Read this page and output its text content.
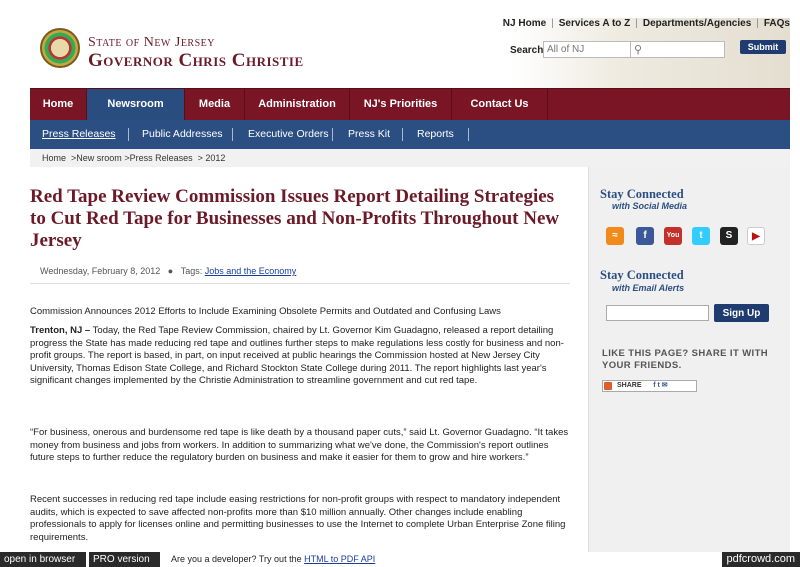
State of New Jersey
Governor Chris Christie
NJ Home | Services A to Z | Departments/Agencies | FAQs
Search
All of NJ	⚲	Submit
Home	Newsroom	Media	Administration	NJ's Priorities	Contact Us
Press Releases	Public Addresses Executive Orders Press Kit	Reports
Home >New sroom >Press Releases > 2012
Red Tape Review Commission Issues Report Detailing Strategies to Cut Red Tape for Businesses and Non-Profits Throughout New Jersey
Wednesday, February 8, 2012 ● Tags: Jobs and the Economy
Commission Announces 2012 Efforts to Include Examining Obsolete Permits and Outdated and Confusing Laws
Trenton, NJ – Today, the Red Tape Review Commission, chaired by Lt. Governor Kim Guadagno, released a report detailing progress the State has made reducing red tape and outlines further steps to make regulations less costly for business and non-profit groups. The report is based, in part, on input received at public hearings the Commission hosted at New Jersey City University, Thomas Edison State College, and Richard Stockton State College during 2011. The report highlights last year's significant changes implemented by the Christie Administration to streamline government and cut red tape.
“For business, onerous and burdensome red tape is like death by a thousand paper cuts,” said Lt. Governor Guadagno. “It takes money from business and jobs from workers. In addition to summarizing what we've done, the Commission's report outlines future steps to further reduce the regulatory burden on business and make it easier for them to grow and hire workers.”
Recent successes in reducing red tape include easing restrictions for non-profit groups with respect to mandatory independent audits, which is expected to save affected non-profits more than $10 million annually. Other changes include enabling professionals to apply for licenses online and permitting businesses to use the Internet to complete Urban Enterprise Zone filing requirements.
Stay Connected
with Social Media
≈	f	You	t	S	▶
Stay Connected
with Email Alerts
Sign Up
LIKE THIS PAGE? SHARE IT WITH YOUR FRIENDS.
SHARE f t ✉
open in browser	PRO version	Are you a developer? Try out the HTML to PDF API	pdfcrowd.com
